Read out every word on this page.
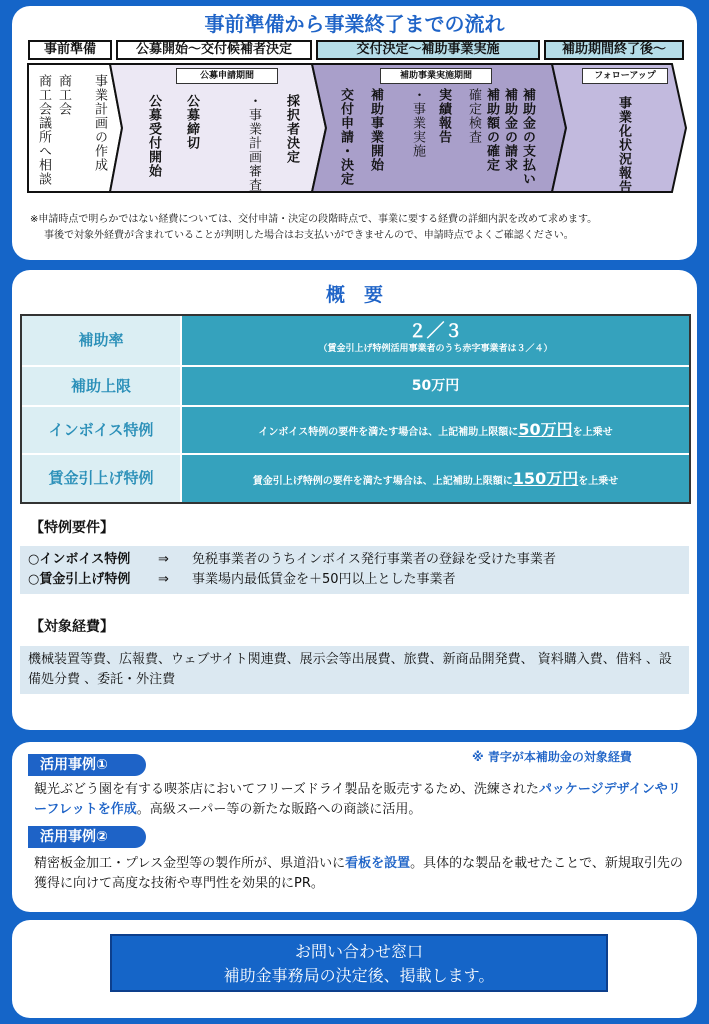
事前準備から事業終了までの流れ
事前準備	公募開始～交付候補者決定	交付決定～補助事業実施	補助期間終了後～
公募申請期間	補助事業実施期間	フォローアップ
事業計画の作成
商工会
商工会議所へ相談	採択者決定
・事業計画審査
公募締切
公募受付開始	補助金の支払い
補助金の請求
補助額の確定
確定検査
実績報告
・事業実施
補助事業開始
交付申請・決定	事業化状況報告
※申請時点で明らかではない経費については、交付申請・決定の段階時点で、事業に要する経費の詳細内訳を改めて求めます。
事後で対象外経費が含まれていることが判明した場合はお支払いができませんので、申請時点でよくご確認ください。
概　要
補助率	２／３
（賃金引上げ特例活用事業者のうち赤字事業者は３／４）
補助上限	50万円
インボイス特例	インボイス特例の要件を満たす場合は、上記補助上限額に50万円を上乗せ
賃金引上げ特例	賃金引上げ特例の要件を満たす場合は、上記補助上限額に150万円を上乗せ
【特例要件】
○インボイス特例 ⇒ 免税事業者のうちインボイス発行事業者の登録を受けた事業者
○賃金引上げ特例 ⇒ 事業場内最低賃金を＋50円以上とした事業者
【対象経費】
機械装置等費、広報費、ウェブサイト関連費、展示会等出展費、旅費、新商品開発費、 資料購入費、借料 、設備処分費 、委託・外注費
※ 青字が本補助金の対象経費
活用事例①
観光ぶどう園を有する喫茶店においてフリーズドライ製品を販売するため、洗練されたパッケージデザインやリーフレットを作成。高級スーパー等の新たな販路への商談に活用。
活用事例②
精密板金加工・プレス金型等の製作所が、県道沿いに看板を設置。具体的な製品を載せたことで、新規取引先の獲得に向けて高度な技術や専門性を効果的にPR。
お問い合わせ窓口
補助金事務局の決定後、掲載します。
